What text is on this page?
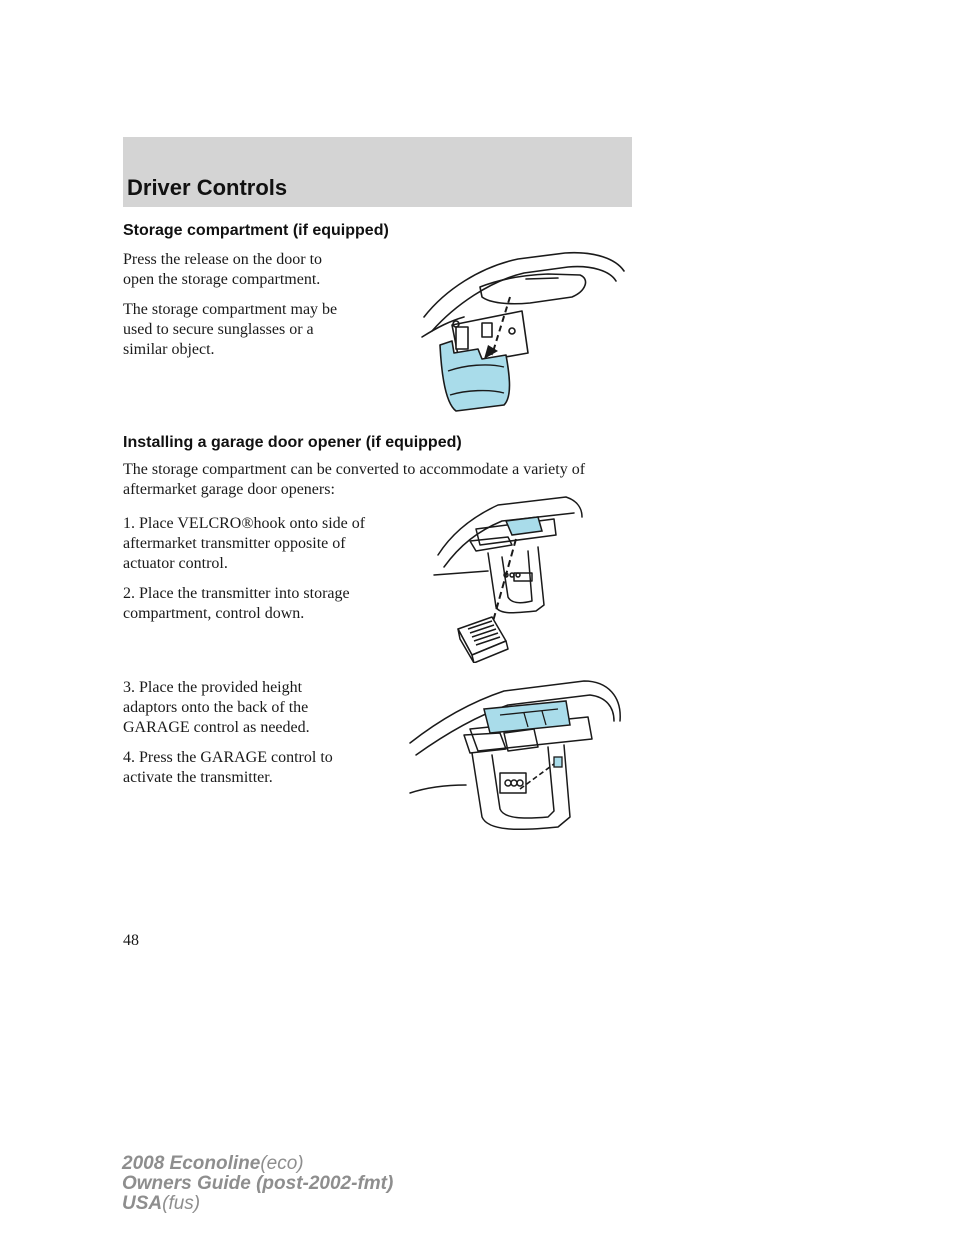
Driver Controls
Storage compartment (if equipped)

Press the release on the door to
open the storage compartment.

The storage compartment may be
used to secure sunglasses or a
similar object.

Installing a garage door opener (if equipped)

The storage compartment can be converted to accommodate a variety of
aftermarket garage door openers:

1. Place VELCRO®hook onto side of
aftermarket transmitter opposite of
actuator control.

2. Place the transmitter into storage
compartment, control down.

3. Place the provided height
adaptors onto the back of the
GARAGE control as needed.

4. Press the GARAGE control to
activate the transmitter.

48
2008 Econoline(eco)
Owners Guide (post-2002-fmt)
USA(fus)
